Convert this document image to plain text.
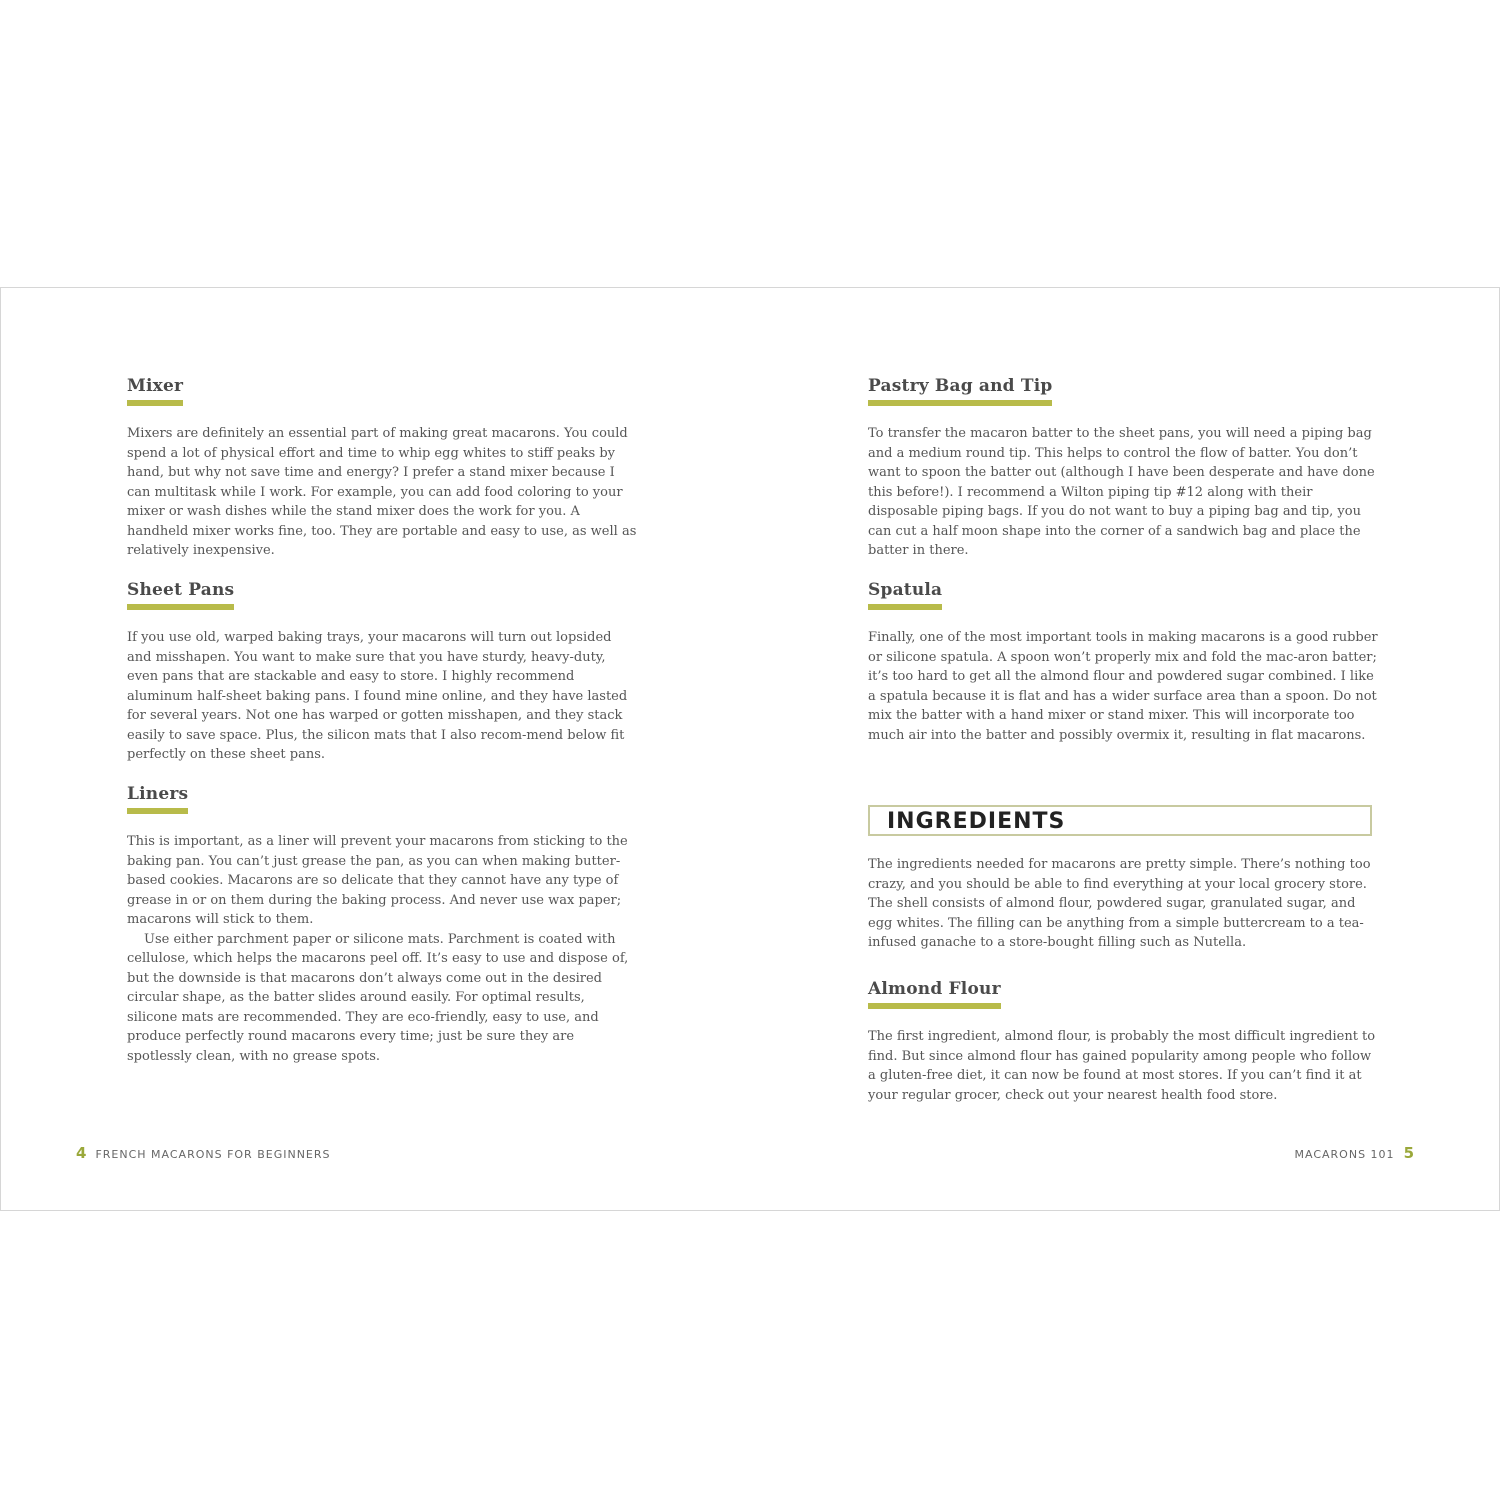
Mixer

Mixers are definitely an essential part of making great macarons. You could spend a lot of physical effort and time to whip egg whites to stiff peaks by hand, but why not save time and energy? I prefer a stand mixer because I can multitask while I work. For example, you can add food coloring to your mixer or wash dishes while the stand mixer does the work for you. A handheld mixer works fine, too. They are portable and easy to use, as well as relatively inexpensive.

Sheet Pans

If you use old, warped baking trays, your macarons will turn out lopsided and misshapen. You want to make sure that you have sturdy, heavy-duty, even pans that are stackable and easy to store. I highly recommend aluminum half-sheet baking pans. I found mine online, and they have lasted for several years. Not one has warped or gotten misshapen, and they stack easily to save space. Plus, the silicon mats that I also recom-mend below fit perfectly on these sheet pans.

Liners

This is important, as a liner will prevent your macarons from sticking to the baking pan. You can’t just grease the pan, as you can when making butter-based cookies. Macarons are so delicate that they cannot have any type of grease in or on them during the baking process. And never use wax paper; macarons will stick to them.

Use either parchment paper or silicone mats. Parchment is coated with cellulose, which helps the macarons peel off. It’s easy to use and dispose of, but the downside is that macarons don’t always come out in the desired circular shape, as the batter slides around easily. For optimal results, silicone mats are recommended. They are eco-friendly, easy to use, and produce perfectly round macarons every time; just be sure they are spotlessly clean, with no grease spots.

Pastry Bag and Tip

To transfer the macaron batter to the sheet pans, you will need a piping bag and a medium round tip. This helps to control the flow of batter. You don’t want to spoon the batter out (although I have been desperate and have done this before!). I recommend a Wilton piping tip #12 along with their disposable piping bags. If you do not want to buy a piping bag and tip, you can cut a half moon shape into the corner of a sandwich bag and place the batter in there.

Spatula

Finally, one of the most important tools in making macarons is a good rubber or silicone spatula. A spoon won’t properly mix and fold the mac-aron batter; it’s too hard to get all the almond flour and powdered sugar combined. I like a spatula because it is flat and has a wider surface area than a spoon. Do not mix the batter with a hand mixer or stand mixer. This will incorporate too much air into the batter and possibly overmix it, resulting in flat macarons.

INGREDIENTS

The ingredients needed for macarons are pretty simple. There’s nothing too crazy, and you should be able to find everything at your local grocery store. The shell consists of almond flour, powdered sugar, granulated sugar, and egg whites. The filling can be anything from a simple buttercream to a tea-infused ganache to a store-bought filling such as Nutella.

Almond Flour

The first ingredient, almond flour, is probably the most difficult ingredient to find. But since almond flour has gained popularity among people who follow a gluten-free diet, it can now be found at most stores. If you can’t find it at your regular grocer, check out your nearest health food store.

4 FRENCH MACARONS FOR BEGINNERS	MACARONS 101 5
